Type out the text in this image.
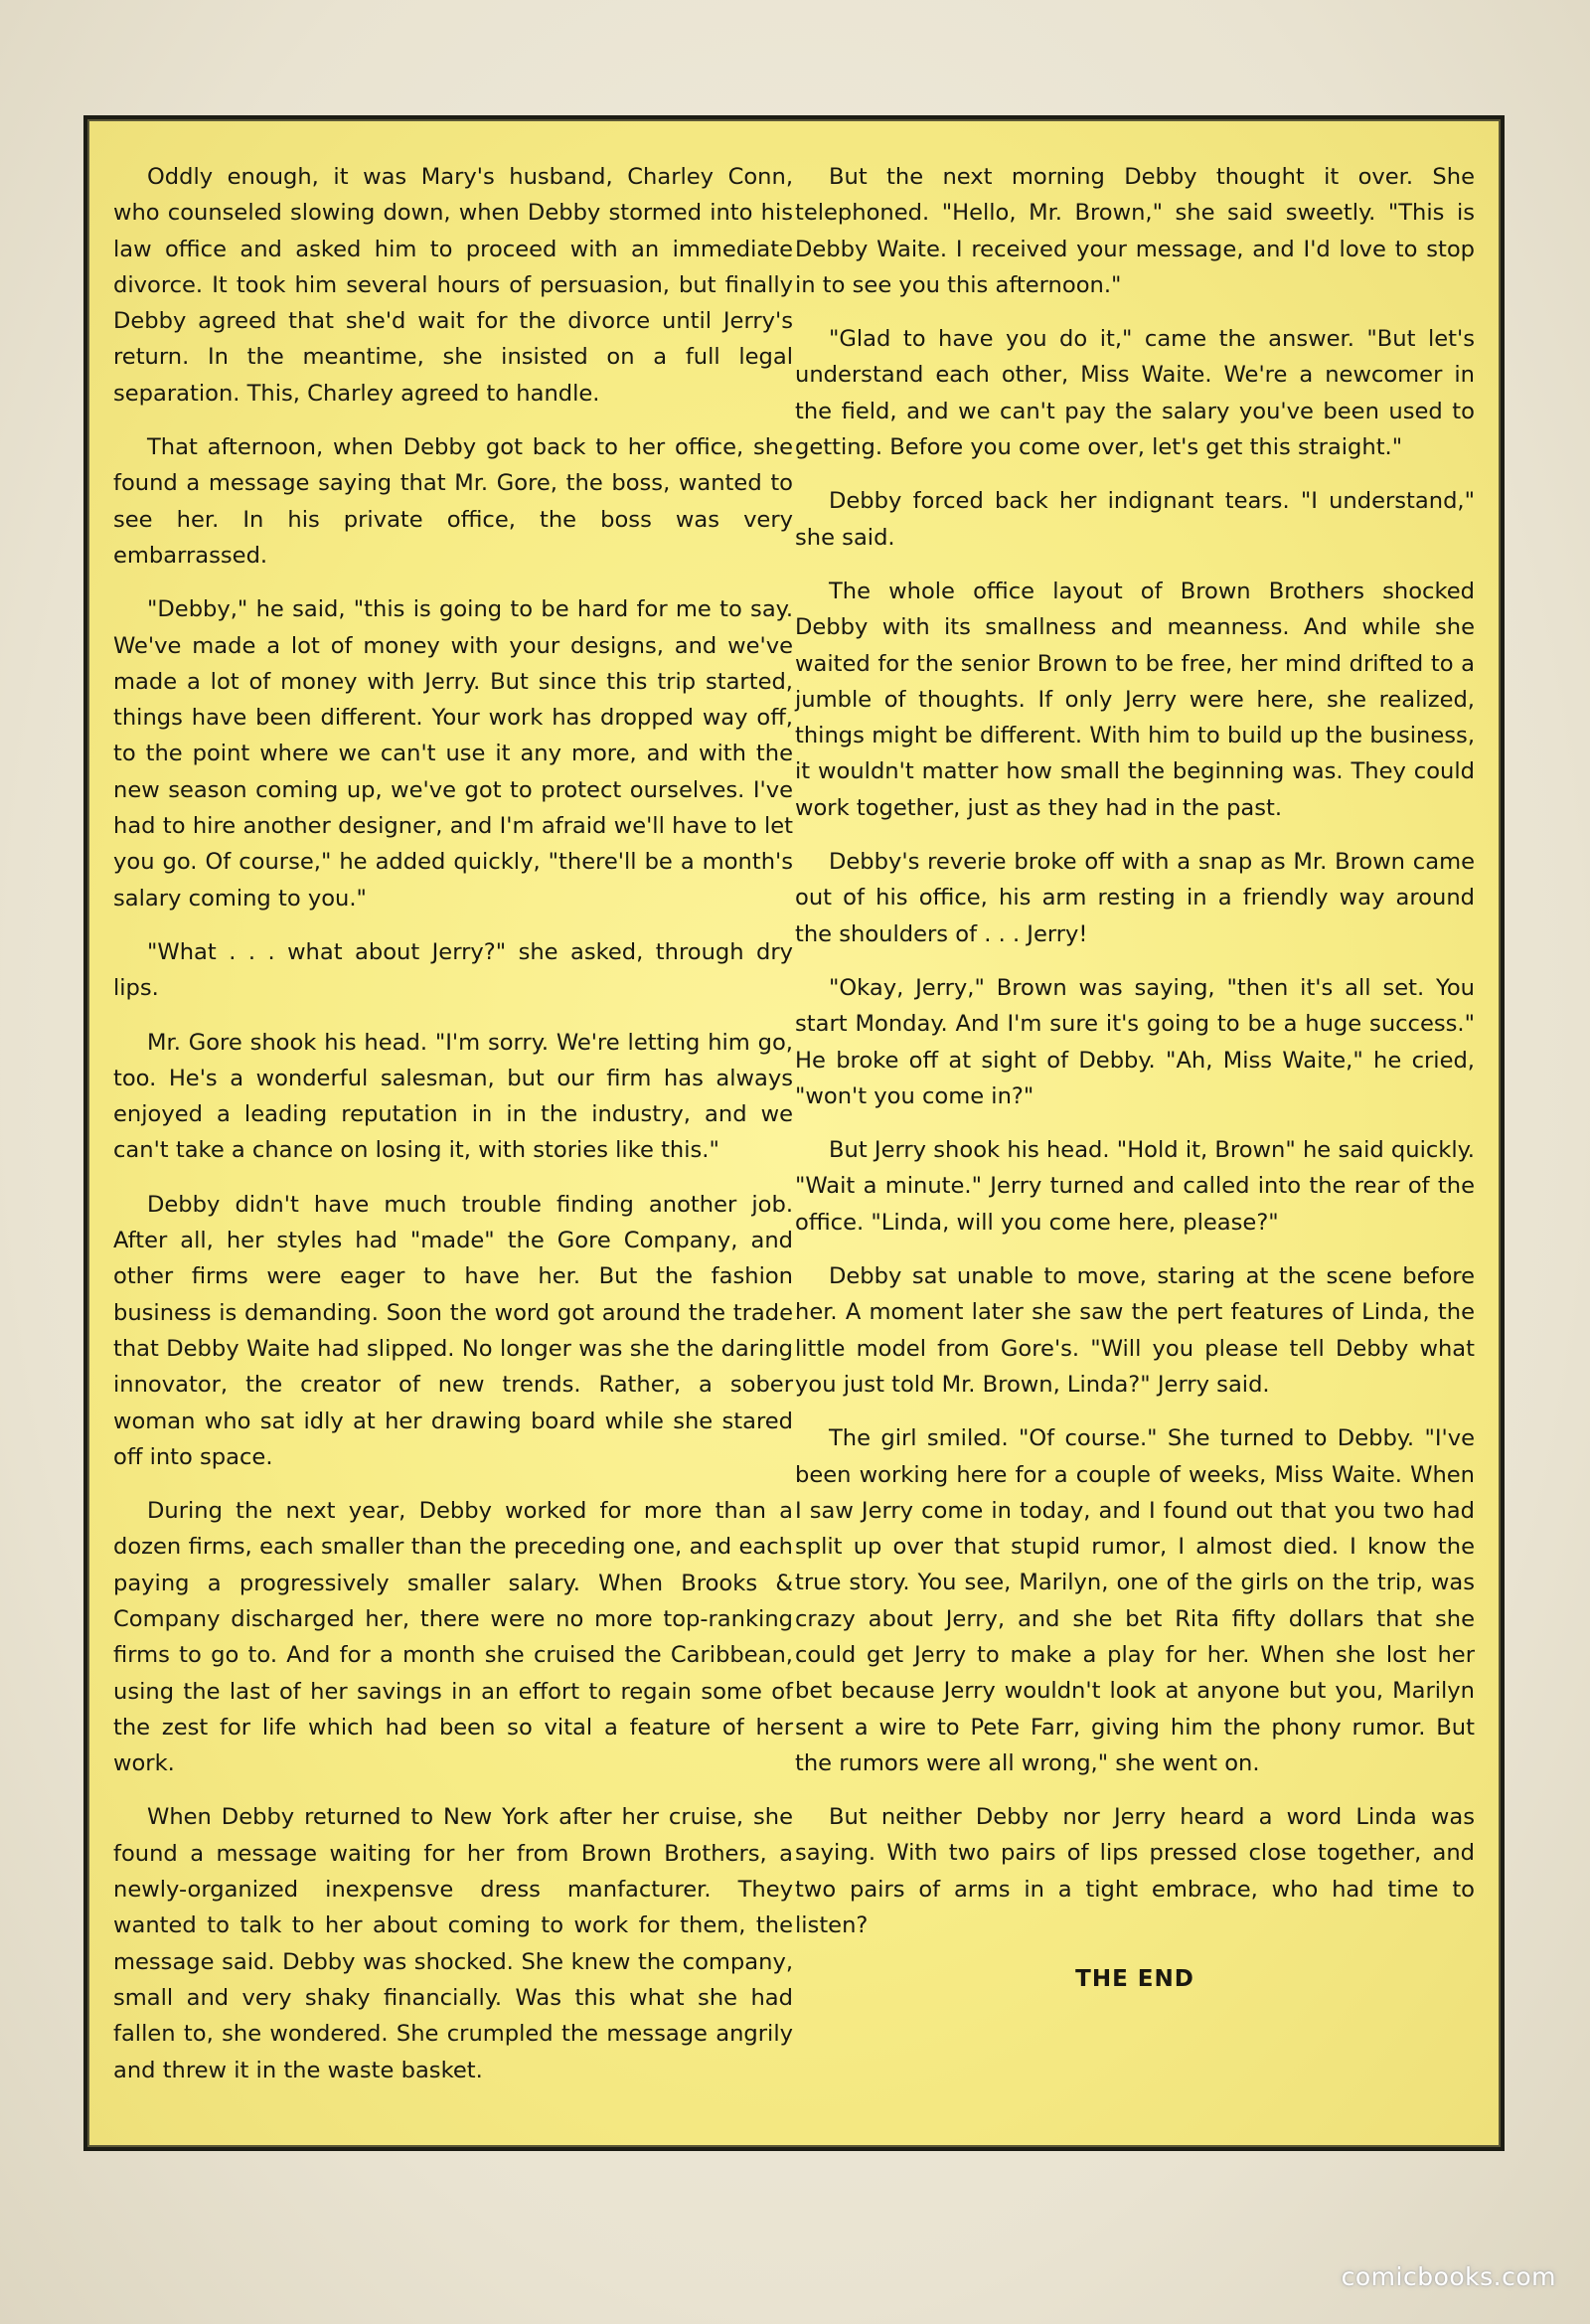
Oddly enough, it was Mary's husband, Charley Conn, who counseled slowing down, when Debby stormed into his law office and asked him to proceed with an immediate divorce. It took him several hours of persuasion, but finally Debby agreed that she'd wait for the divorce until Jerry's return. In the meantime, she insisted on a full legal separation. This, Charley agreed to handle.

That afternoon, when Debby got back to her office, she found a message saying that Mr. Gore, the boss, wanted to see her. In his private office, the boss was very embarrassed.

"Debby," he said, "this is going to be hard for me to say. We've made a lot of money with your designs, and we've made a lot of money with Jerry. But since this trip started, things have been different. Your work has dropped way off, to the point where we can't use it any more, and with the new season coming up, we've got to protect ourselves. I've had to hire another designer, and I'm afraid we'll have to let you go. Of course," he added quickly, "there'll be a month's salary coming to you."

"What . . . what about Jerry?" she asked, through dry lips.

Mr. Gore shook his head. "I'm sorry. We're letting him go, too. He's a wonderful salesman, but our firm has always enjoyed a leading reputation in in the industry, and we can't take a chance on losing it, with stories like this."

Debby didn't have much trouble finding another job. After all, her styles had "made" the Gore Company, and other firms were eager to have her. But the fashion business is demanding. Soon the word got around the trade that Debby Waite had slipped. No longer was she the daring innovator, the creator of new trends. Rather, a sober woman who sat idly at her drawing board while she stared off into space.

During the next year, Debby worked for more than a dozen firms, each smaller than the preceding one, and each paying a progressively smaller salary. When Brooks & Company discharged her, there were no more top-ranking firms to go to. And for a month she cruised the Caribbean, using the last of her savings in an effort to regain some of the zest for life which had been so vital a feature of her work.

When Debby returned to New York after her cruise, she found a message waiting for her from Brown Brothers, a newly-organized inexpensve dress manfacturer. They wanted to talk to her about coming to work for them, the message said. Debby was shocked. She knew the company, small and very shaky financially. Was this what she had fallen to, she wondered. She crumpled the message angrily and threw it in the waste basket.

But the next morning Debby thought it over. She telephoned. "Hello, Mr. Brown," she said sweetly. "This is Debby Waite. I received your message, and I'd love to stop in to see you this afternoon."

"Glad to have you do it," came the answer. "But let's understand each other, Miss Waite. We're a newcomer in the field, and we can't pay the salary you've been used to getting. Before you come over, let's get this straight."

Debby forced back her indignant tears. "I understand," she said.

The whole office layout of Brown Brothers shocked Debby with its smallness and meanness. And while she waited for the senior Brown to be free, her mind drifted to a jumble of thoughts. If only Jerry were here, she realized, things might be different. With him to build up the business, it wouldn't matter how small the beginning was. They could work together, just as they had in the past.

Debby's reverie broke off with a snap as Mr. Brown came out of his office, his arm resting in a friendly way around the shoulders of . . . Jerry!

"Okay, Jerry," Brown was saying, "then it's all set. You start Monday. And I'm sure it's going to be a huge success." He broke off at sight of Debby. "Ah, Miss Waite," he cried, "won't you come in?"

But Jerry shook his head. "Hold it, Brown" he said quickly. "Wait a minute." Jerry turned and called into the rear of the office. "Linda, will you come here, please?"

Debby sat unable to move, staring at the scene before her. A moment later she saw the pert features of Linda, the little model from Gore's. "Will you please tell Debby what you just told Mr. Brown, Linda?" Jerry said.

The girl smiled. "Of course." She turned to Debby. "I've been working here for a couple of weeks, Miss Waite. When I saw Jerry come in today, and I found out that you two had split up over that stupid rumor, I almost died. I know the true story. You see, Marilyn, one of the girls on the trip, was crazy about Jerry, and she bet Rita fifty dollars that she could get Jerry to make a play for her. When she lost her bet because Jerry wouldn't look at anyone but you, Marilyn sent a wire to Pete Farr, giving him the phony rumor. But the rumors were all wrong," she went on.

But neither Debby nor Jerry heard a word Linda was saying. With two pairs of lips pressed close together, and two pairs of arms in a tight embrace, who had time to listen?

THE END

comicbooks.com
